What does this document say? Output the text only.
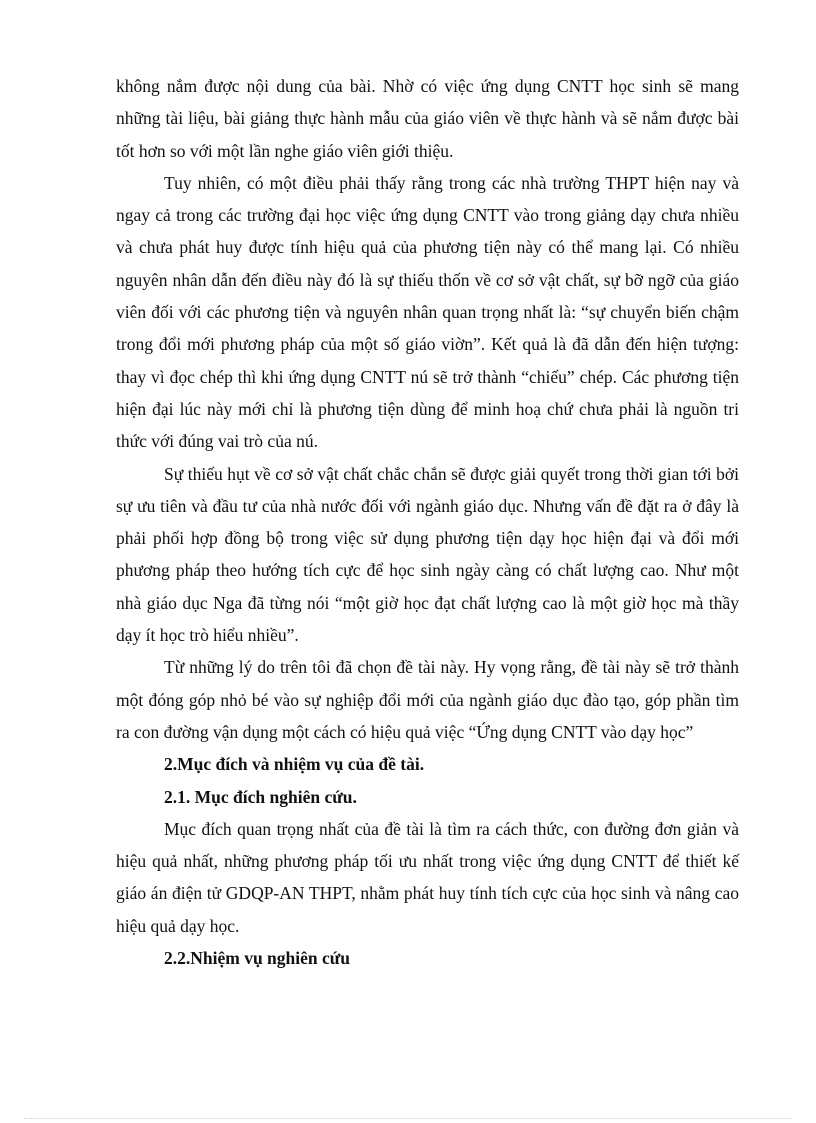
không nắm được nội dung của bài. Nhờ có việc ứng dụng CNTT học sinh sẽ mang những tài liệu, bài giảng thực hành mẫu của giáo viên về thực hành và sẽ nắm được bài tốt hơn so với một lần nghe giáo viên giới thiệu.

Tuy nhiên, có một điều phải thấy rằng trong các nhà trường THPT hiện nay và ngay cả trong các trường đại học việc ứng dụng CNTT vào trong giảng dạy chưa nhiều và chưa phát huy được tính hiệu quả của phương tiện này có thể mang lại. Có nhiều nguyên nhân dẫn đến điều này đó là sự thiếu thốn về cơ sở vật chất, sự bỡ ngỡ của giáo viên đối với các phương tiện và nguyên nhân quan trọng nhất là: “sự chuyển biến chậm trong đổi mới phương pháp của một số giáo viờn”. Kết quả là đã dẫn đến hiện tượng: thay vì đọc chép thì khi ứng dụng CNTT nú sẽ trở thành “chiếu” chép. Các phương tiện hiện đại lúc này mới chỉ là phương tiện dùng để minh hoạ chứ chưa phải là nguồn tri thức với đúng vai trò của nú.

Sự thiếu hụt về cơ sở vật chất chắc chắn sẽ được giải quyết trong thời gian tới bởi sự ưu tiên và đầu tư của nhà nước đối với ngành giáo dục. Nhưng vấn đề đặt ra ở đây là phải phối hợp đồng bộ trong việc sử dụng phương tiện dạy học hiện đại và đổi mới phương pháp theo hướng tích cực để học sinh ngày càng có chất lượng cao. Như một nhà giáo dục Nga đã từng nói “một giờ học đạt chất lượng cao là một giờ học mà thầy dạy ít học trò hiểu nhiều”.

Từ những lý do trên tôi đã chọn đề tài này. Hy vọng rằng, đề tài này sẽ trở thành một đóng góp nhỏ bé vào sự nghiệp đổi mới của ngành giáo dục đào tạo, góp phần tìm ra con đường vận dụng một cách có hiệu quả việc “Ứng dụng CNTT vào dạy học”

2.Mục đích và nhiệm vụ của đề tài.
2.1. Mục đích nghiên cứu.

Mục đích quan trọng nhất của đề tài là tìm ra cách thức, con đường đơn giản và hiệu quả nhất, những phương pháp tối ưu nhất trong việc ứng dụng CNTT để thiết kế giáo án điện tử GDQP-AN THPT, nhằm phát huy tính tích cực của học sinh và nâng cao hiệu quả dạy học.

2.2.Nhiệm vụ nghiên cứu
